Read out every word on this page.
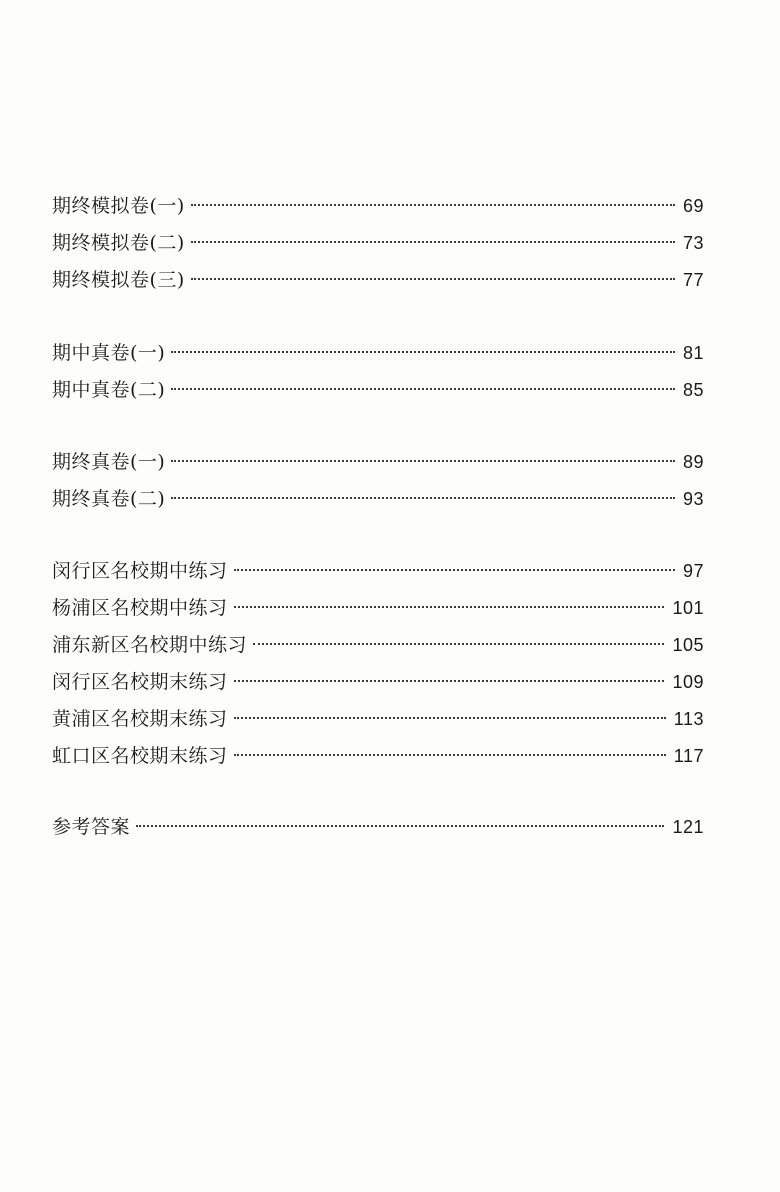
期终模拟卷(一)	69
期终模拟卷(二)	73
期终模拟卷(三)	77
期中真卷(一)	81
期中真卷(二)	85
期终真卷(一)	89
期终真卷(二)	93
闵行区名校期中练习	97
杨浦区名校期中练习	101
浦东新区名校期中练习	105
闵行区名校期末练习	109
黄浦区名校期末练习	113
虹口区名校期末练习	117
参考答案	121
